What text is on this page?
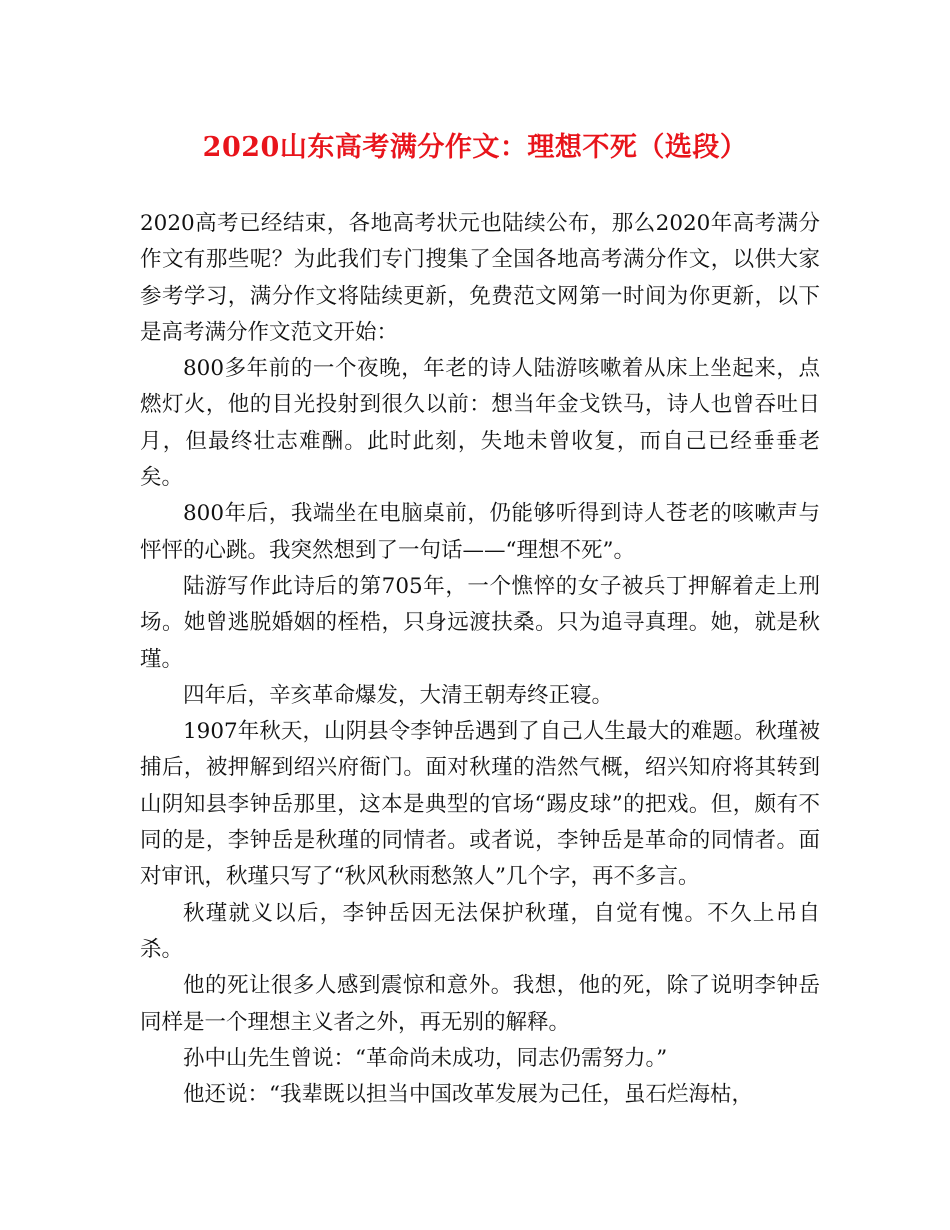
2020山东高考满分作文：理想不死（选段）

2020高考已经结束，各地高考状元也陆续公布，那么2020年高考满分作文有那些呢？为此我们专门搜集了全国各地高考满分作文，以供大家参考学习，满分作文将陆续更新，免费范文网第一时间为你更新，以下是高考满分作文范文开始：

800多年前的一个夜晚，年老的诗人陆游咳嗽着从床上坐起来，点燃灯火，他的目光投射到很久以前：想当年金戈铁马，诗人也曾吞吐日月，但最终壮志难酬。此时此刻，失地未曾收复，而自己已经垂垂老矣。

800年后，我端坐在电脑桌前，仍能够听得到诗人苍老的咳嗽声与怦怦的心跳。我突然想到了一句话——“理想不死”。

陆游写作此诗后的第705年，一个憔悴的女子被兵丁押解着走上刑场。她曾逃脱婚姻的桎梏，只身远渡扶桑。只为追寻真理。她，就是秋瑾。

四年后，辛亥革命爆发，大清王朝寿终正寝。

1907年秋天，山阴县令李钟岳遇到了自己人生最大的难题。秋瑾被捕后，被押解到绍兴府衙门。面对秋瑾的浩然气概，绍兴知府将其转到山阴知县李钟岳那里，这本是典型的官场“踢皮球”的把戏。但，颇有不同的是，李钟岳是秋瑾的同情者。或者说，李钟岳是革命的同情者。面对审讯，秋瑾只写了“秋风秋雨愁煞人”几个字，再不多言。

秋瑾就义以后，李钟岳因无法保护秋瑾，自觉有愧。不久上吊自杀。

他的死让很多人感到震惊和意外。我想，他的死，除了说明李钟岳同样是一个理想主义者之外，再无别的解释。

孙中山先生曾说：“革命尚未成功，同志仍需努力。”

他还说：“我辈既以担当中国改革发展为己任，虽石烂海枯，
